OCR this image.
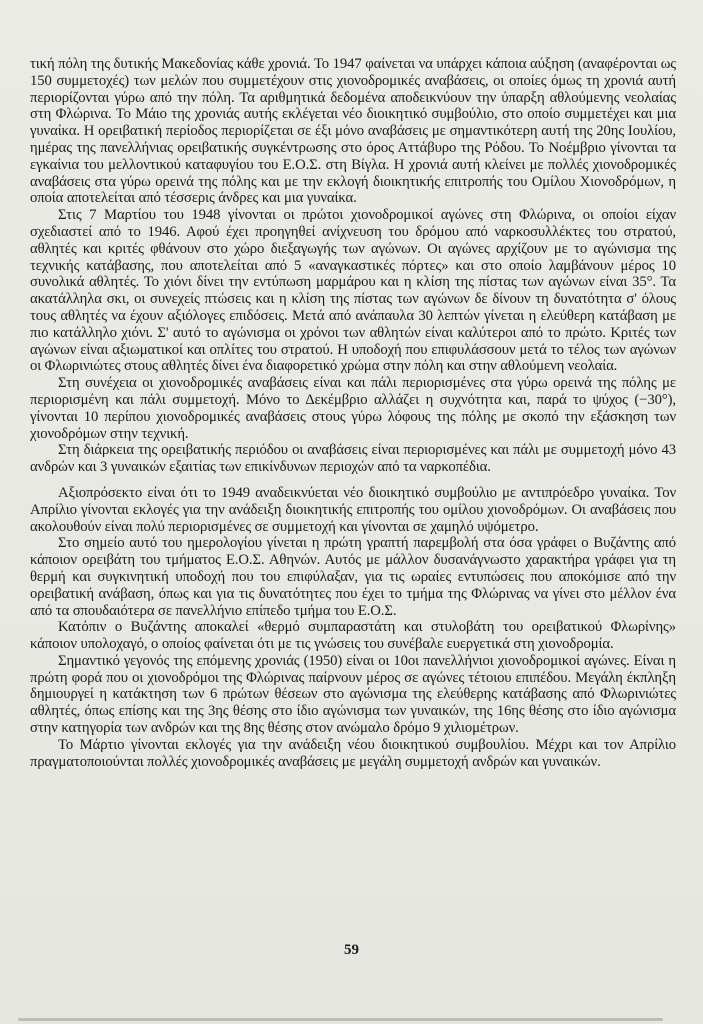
τική πόλη της δυτικής Μακεδονίας κάθε χρονιά. Το 1947 φαίνεται να υπάρχει κάποια αύξηση (αναφέρονται ως 150 συμμετοχές) των μελών που συμμετέχουν στις χιονοδρομικές αναβάσεις, οι οποίες όμως τη χρονιά αυτή περιορίζονται γύρω από την πόλη. Τα αριθμητικά δεδομένα αποδεικνύουν την ύπαρξη αθλούμενης νεολαίας στη Φλώρινα. Το Μάιο της χρονιάς αυτής εκλέγεται νέο διοικητικό συμβούλιο, στο οποίο συμμετέχει και μια γυναίκα. Η ορειβατική περίοδος περιορίζεται σε έξι μόνο αναβάσεις με σημαντικότερη αυτή της 20ης Ιουλίου, ημέρας της πανελλήνιας ορειβατικής συγκέντρωσης στο όρος Αττάβυρο της Ρόδου. Το Νοέμβριο γίνονται τα εγκαίνια του μελλοντικού καταφυγίου του Ε.Ο.Σ. στη Βίγλα. Η χρονιά αυτή κλείνει με πολλές χιονοδρομικές αναβάσεις στα γύρω ορεινά της πόλης και με την εκλογή διοικητικής επιτροπής του Ομίλου Χιονοδρόμων, η οποία αποτελείται από τέσσερις άνδρες και μια γυναίκα.

Στις 7 Μαρτίου του 1948 γίνονται οι πρώτοι χιονοδρομικοί αγώνες στη Φλώρινα, οι οποίοι είχαν σχεδιαστεί από το 1946. Αφού έχει προηγηθεί ανίχνευση του δρόμου από ναρκοσυλλέκτες του στρατού, αθλητές και κριτές φθάνουν στο χώρο διεξαγωγής των αγώνων. Οι αγώνες αρχίζουν με το αγώνισμα της τεχνικής κατάβασης, που αποτελείται από 5 «αναγκαστικές πόρτες» και στο οποίο λαμβάνουν μέρος 10 συνολικά αθλητές. Το χιόνι δίνει την εντύπωση μαρμάρου και η κλίση της πίστας των αγώνων είναι 35°. Τα ακατάλληλα σκι, οι συνεχείς πτώσεις και η κλίση της πίστας των αγώνων δε δίνουν τη δυνατότητα σ' όλους τους αθλητές να έχουν αξιόλογες επιδόσεις. Μετά από ανάπαυλα 30 λεπτών γίνεται η ελεύθερη κατάβαση με πιο κατάλληλο χιόνι. Σ' αυτό το αγώνισμα οι χρόνοι των αθλητών είναι καλύτεροι από το πρώτο. Κριτές των αγώνων είναι αξιωματικοί και οπλίτες του στρατού. Η υποδοχή που επιφυλάσσουν μετά το τέλος των αγώνων οι Φλωρινιώτες στους αθλητές δίνει ένα διαφορετικό χρώμα στην πόλη και στην αθλούμενη νεολαία.

Στη συνέχεια οι χιονοδρομικές αναβάσεις είναι και πάλι περιορισμένες στα γύρω ορεινά της πόλης με περιορισμένη και πάλι συμμετοχή. Μόνο το Δεκέμβριο αλλάζει η συχνότητα και, παρά το ψύχος (−30°), γίνονται 10 περίπου χιονοδρομικές αναβάσεις στους γύρω λόφους της πόλης με σκοπό την εξάσκηση των χιονοδρόμων στην τεχνική.

Στη διάρκεια της ορειβατικής περιόδου οι αναβάσεις είναι περιορισμένες και πάλι με συμμετοχή μόνο 43 ανδρών και 3 γυναικών εξαιτίας των επικίνδυνων περιοχών από τα ναρκοπέδια.

Αξιοπρόσεκτο είναι ότι το 1949 αναδεικνύεται νέο διοικητικό συμβούλιο με αντιπρόεδρο γυναίκα. Τον Απρίλιο γίνονται εκλογές για την ανάδειξη διοικητικής επιτροπής του ομίλου χιονοδρόμων. Οι αναβάσεις που ακολουθούν είναι πολύ περιορισμένες σε συμμετοχή και γίνονται σε χαμηλό υψόμετρο.

Στο σημείο αυτό του ημερολογίου γίνεται η πρώτη γραπτή παρεμβολή στα όσα γράφει ο Βυζάντης από κάποιον ορειβάτη του τμήματος Ε.Ο.Σ. Αθηνών. Αυτός με μάλλον δυσανάγνωστο χαρακτήρα γράφει για τη θερμή και συγκινητική υποδοχή που του επιφύλαξαν, για τις ωραίες εντυπώσεις που αποκόμισε από την ορειβατική ανάβαση, όπως και για τις δυνατότητες που έχει το τμήμα της Φλώρινας να γίνει στο μέλλον ένα από τα σπουδαιότερα σε πανελλήνιο επίπεδο τμήμα του Ε.Ο.Σ.

Κατόπιν ο Βυζάντης αποκαλεί «θερμό συμπαραστάτη και στυλοβάτη του ορειβατικού Φλωρίνης» κάποιον υπολοχαγό, ο οποίος φαίνεται ότι με τις γνώσεις του συνέβαλε ευεργετικά στη χιονοδρομία.

Σημαντικό γεγονός της επόμενης χρονιάς (1950) είναι οι 10οι πανελλήνιοι χιονοδρομικοί αγώνες. Είναι η πρώτη φορά που οι χιονοδρόμοι της Φλώρινας παίρνουν μέρος σε αγώνες τέτοιου επιπέδου. Μεγάλη έκπληξη δημιουργεί η κατάκτηση των 6 πρώτων θέσεων στο αγώνισμα της ελεύθερης κατάβασης από Φλωρινιώτες αθλητές, όπως επίσης και της 3ης θέσης στο ίδιο αγώνισμα των γυναικών, της 16ης θέσης στο ίδιο αγώνισμα στην κατηγορία των ανδρών και της 8ης θέσης στον ανώμαλο δρόμο 9 χιλιομέτρων.

Το Μάρτιο γίνονται εκλογές για την ανάδειξη νέου διοικητικού συμβουλίου. Μέχρι και τον Απρίλιο πραγματοποιούνται πολλές χιονοδρομικές αναβάσεις με μεγάλη συμμετοχή ανδρών και γυναικών.

59
